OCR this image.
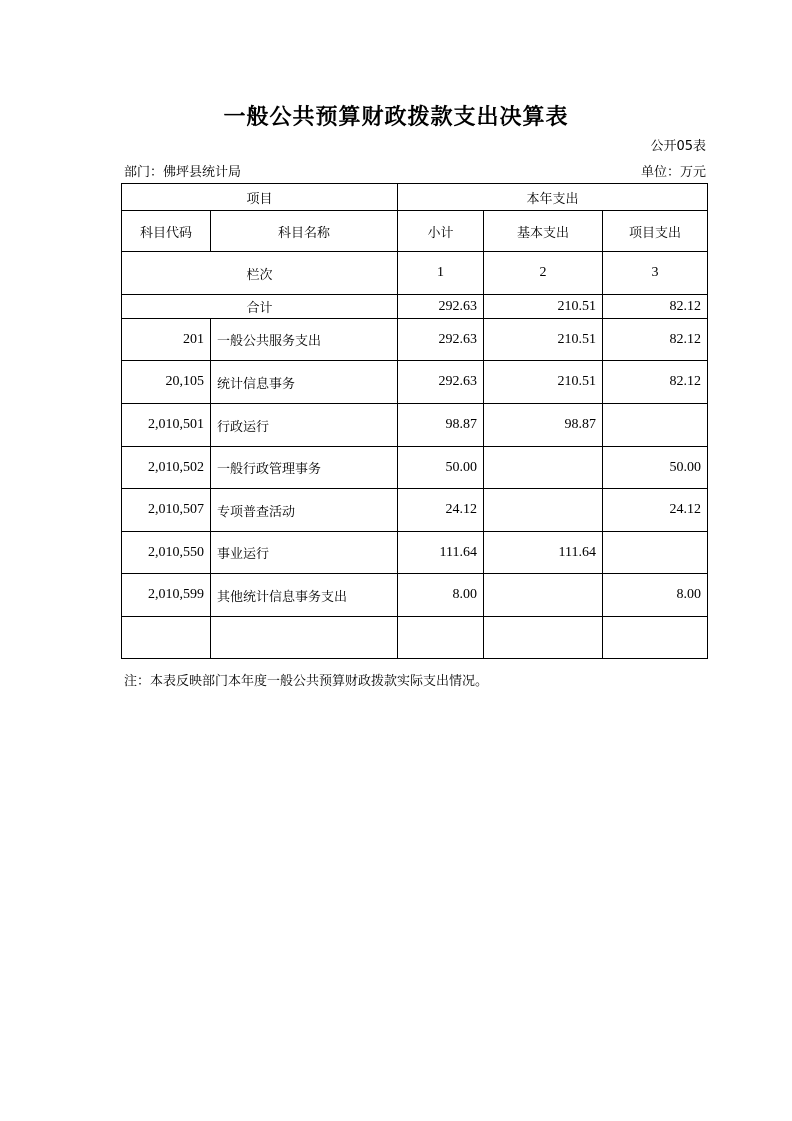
一般公共预算财政拨款支出决算表
公开05表
部门：佛坪县统计局	单位：万元
项目		本年支出		
科目代码	科目名称	小计	基本支出	项目支出
栏次		1	2	3
合计		292.63	210.51	82.12
201	一般公共服务支出	292.63	210.51	82.12
20,105	统计信息事务	292.63	210.51	82.12
2,010,501	行政运行	98.87	98.87	
2,010,502	一般行政管理事务	50.00		50.00
2,010,507	专项普查活动	24.12		24.12
2,010,550	事业运行	111.64	111.64	
2,010,599	其他统计信息事务支出	8.00		8.00

注：本表反映部门本年度一般公共预算财政拨款实际支出情况。
